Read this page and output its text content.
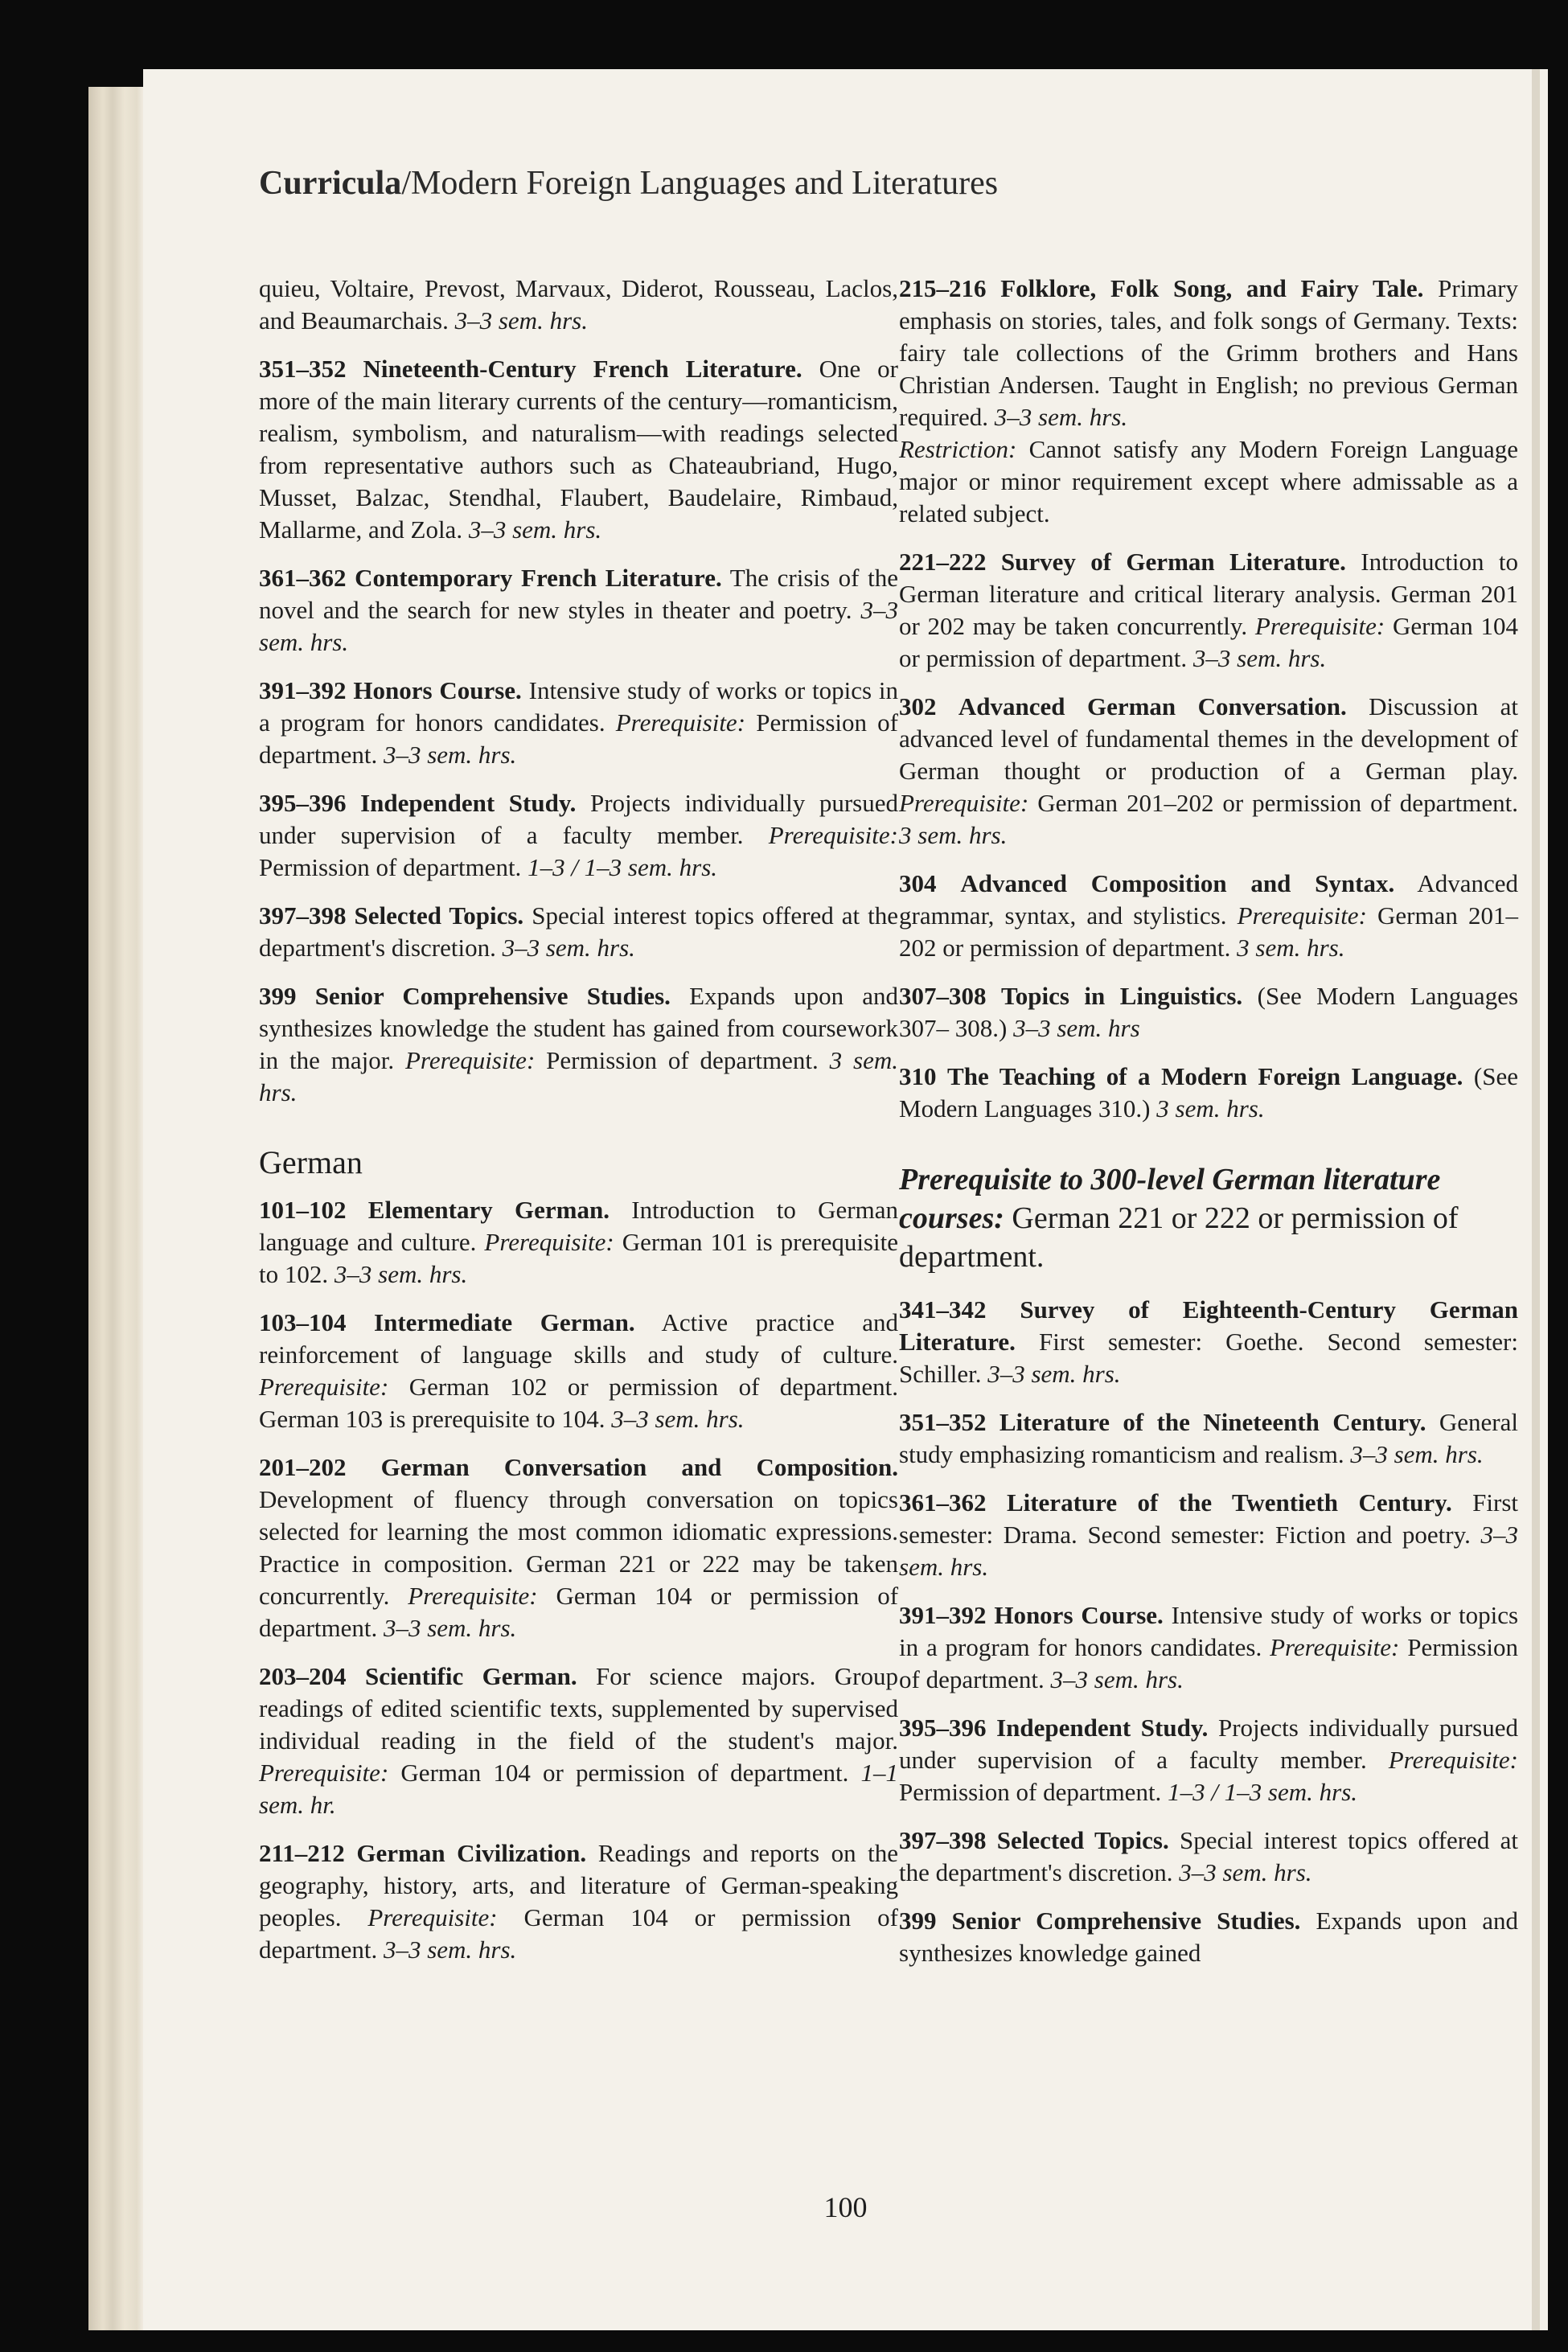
Curricula/Modern Foreign Languages and Literatures
quieu, Voltaire, Prevost, Marvaux, Diderot, Rousseau, Laclos, and Beaumarchais. 3–3 sem. hrs.
351–352 Nineteenth-Century French Literature. One or more of the main literary currents of the century—romanticism, realism, symbolism, and naturalism—with readings selected from representative authors such as Chateaubriand, Hugo, Musset, Balzac, Stendhal, Flaubert, Baudelaire, Rimbaud, Mallarme, and Zola. 3–3 sem. hrs.
361–362 Contemporary French Literature. The crisis of the novel and the search for new styles in theater and poetry. 3–3 sem. hrs.
391–392 Honors Course. Intensive study of works or topics in a program for honors candidates. Prerequisite: Permission of department. 3–3 sem. hrs.
395–396 Independent Study. Projects individually pursued under supervision of a faculty member. Prerequisite: Permission of department. 1–3 / 1–3 sem. hrs.
397–398 Selected Topics. Special interest topics offered at the department's discretion. 3–3 sem. hrs.
399 Senior Comprehensive Studies. Expands upon and synthesizes knowledge the student has gained from coursework in the major. Prerequisite: Permission of department. 3 sem. hrs.
German
101–102 Elementary German. Introduction to German language and culture. Prerequisite: German 101 is prerequisite to 102. 3–3 sem. hrs.
103–104 Intermediate German. Active practice and reinforcement of language skills and study of culture. Prerequisite: German 102 or permission of department. German 103 is prerequisite to 104. 3–3 sem. hrs.
201–202 German Conversation and Composition. Development of fluency through conversation on topics selected for learning the most common idiomatic expressions. Practice in composition. German 221 or 222 may be taken concurrently. Prerequisite: German 104 or permission of department. 3–3 sem. hrs.
203–204 Scientific German. For science majors. Group readings of edited scientific texts, supplemented by supervised individual reading in the field of the student's major. Prerequisite: German 104 or permission of department. 1–1 sem. hr.
211–212 German Civilization. Readings and reports on the geography, history, arts, and literature of German-speaking peoples. Prerequisite: German 104 or permission of department. 3–3 sem. hrs.
215–216 Folklore, Folk Song, and Fairy Tale. Primary emphasis on stories, tales, and folk songs of Germany. Texts: fairy tale collections of the Grimm brothers and Hans Christian Andersen. Taught in English; no previous German required. 3–3 sem. hrs.
Restriction: Cannot satisfy any Modern Foreign Language major or minor requirement except where admissable as a related subject.
221–222 Survey of German Literature. Introduction to German literature and critical literary analysis. German 201 or 202 may be taken concurrently. Prerequisite: German 104 or permission of department. 3–3 sem. hrs.
302 Advanced German Conversation. Discussion at advanced level of fundamental themes in the development of German thought or production of a German play. Prerequisite: German 201–202 or permission of department. 3 sem. hrs.
304 Advanced Composition and Syntax. Advanced grammar, syntax, and stylistics. Prerequisite: German 201–202 or permission of department. 3 sem. hrs.
307–308 Topics in Linguistics. (See Modern Languages 307– 308.) 3–3 sem. hrs
310 The Teaching of a Modern Foreign Language. (See Modern Languages 310.) 3 sem. hrs.
Prerequisite to 300-level German literature courses: German 221 or 222 or permission of department.
341–342 Survey of Eighteenth-Century German Literature. First semester: Goethe. Second semester: Schiller. 3–3 sem. hrs.
351–352 Literature of the Nineteenth Century. General study emphasizing romanticism and realism. 3–3 sem. hrs.
361–362 Literature of the Twentieth Century. First semester: Drama. Second semester: Fiction and poetry. 3–3 sem. hrs.
391–392 Honors Course. Intensive study of works or topics in a program for honors candidates. Prerequisite: Permission of department. 3–3 sem. hrs.
395–396 Independent Study. Projects individually pursued under supervision of a faculty member. Prerequisite: Permission of department. 1–3 / 1–3 sem. hrs.
397–398 Selected Topics. Special interest topics offered at the department's discretion. 3–3 sem. hrs.
399 Senior Comprehensive Studies. Expands upon and synthesizes knowledge gained
100
